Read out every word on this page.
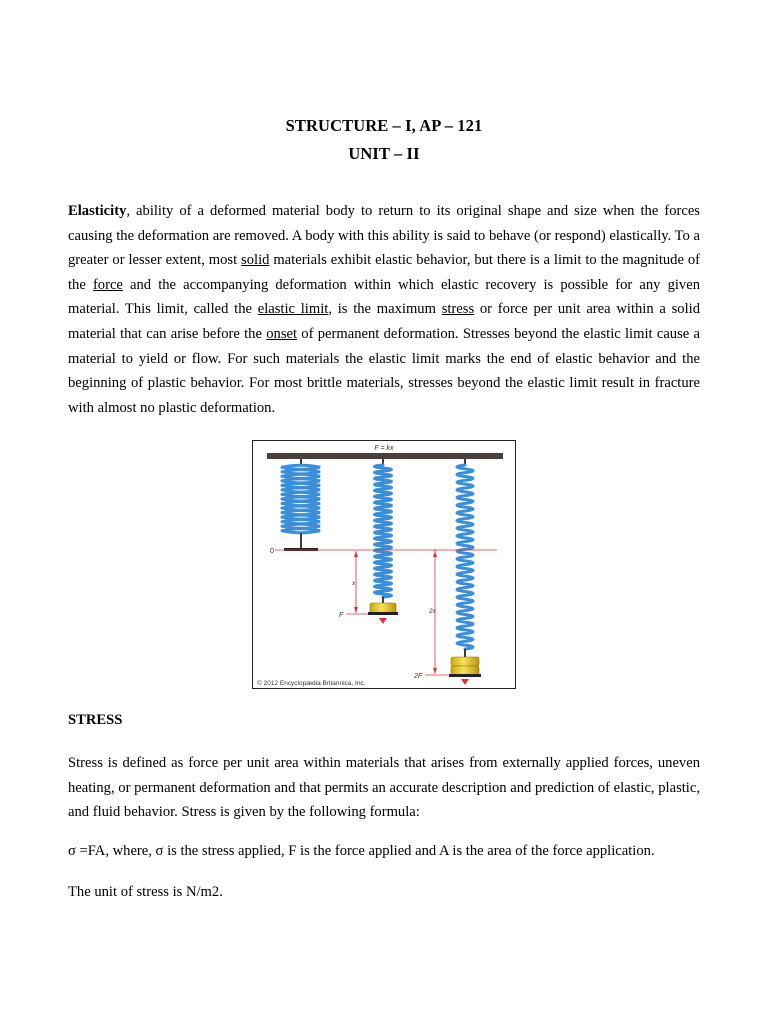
STRUCTURE – I, AP – 121
UNIT – II
Elasticity, ability of a deformed material body to return to its original shape and size when the forces causing the deformation are removed. A body with this ability is said to behave (or respond) elastically. To a greater or lesser extent, most solid materials exhibit elastic behavior, but there is a limit to the magnitude of the force and the accompanying deformation within which elastic recovery is possible for any given material. This limit, called the elastic limit, is the maximum stress or force per unit area within a solid material that can arise before the onset of permanent deformation. Stresses beyond the elastic limit cause a material to yield or flow. For such materials the elastic limit marks the end of elastic behavior and the beginning of plastic behavior. For most brittle materials, stresses beyond the elastic limit result in fracture with almost no plastic deformation.
F = kx
0
x
F
2x
2F
© 2012 Encyclopædia Britannica, Inc.
STRESS
Stress is defined as force per unit area within materials that arises from externally applied forces, uneven heating, or permanent deformation and that permits an accurate description and prediction of elastic, plastic, and fluid behavior. Stress is given by the following formula:
σ =FA, where, σ is the stress applied, F is the force applied and A is the area of the force application.
The unit of stress is N/m2.
